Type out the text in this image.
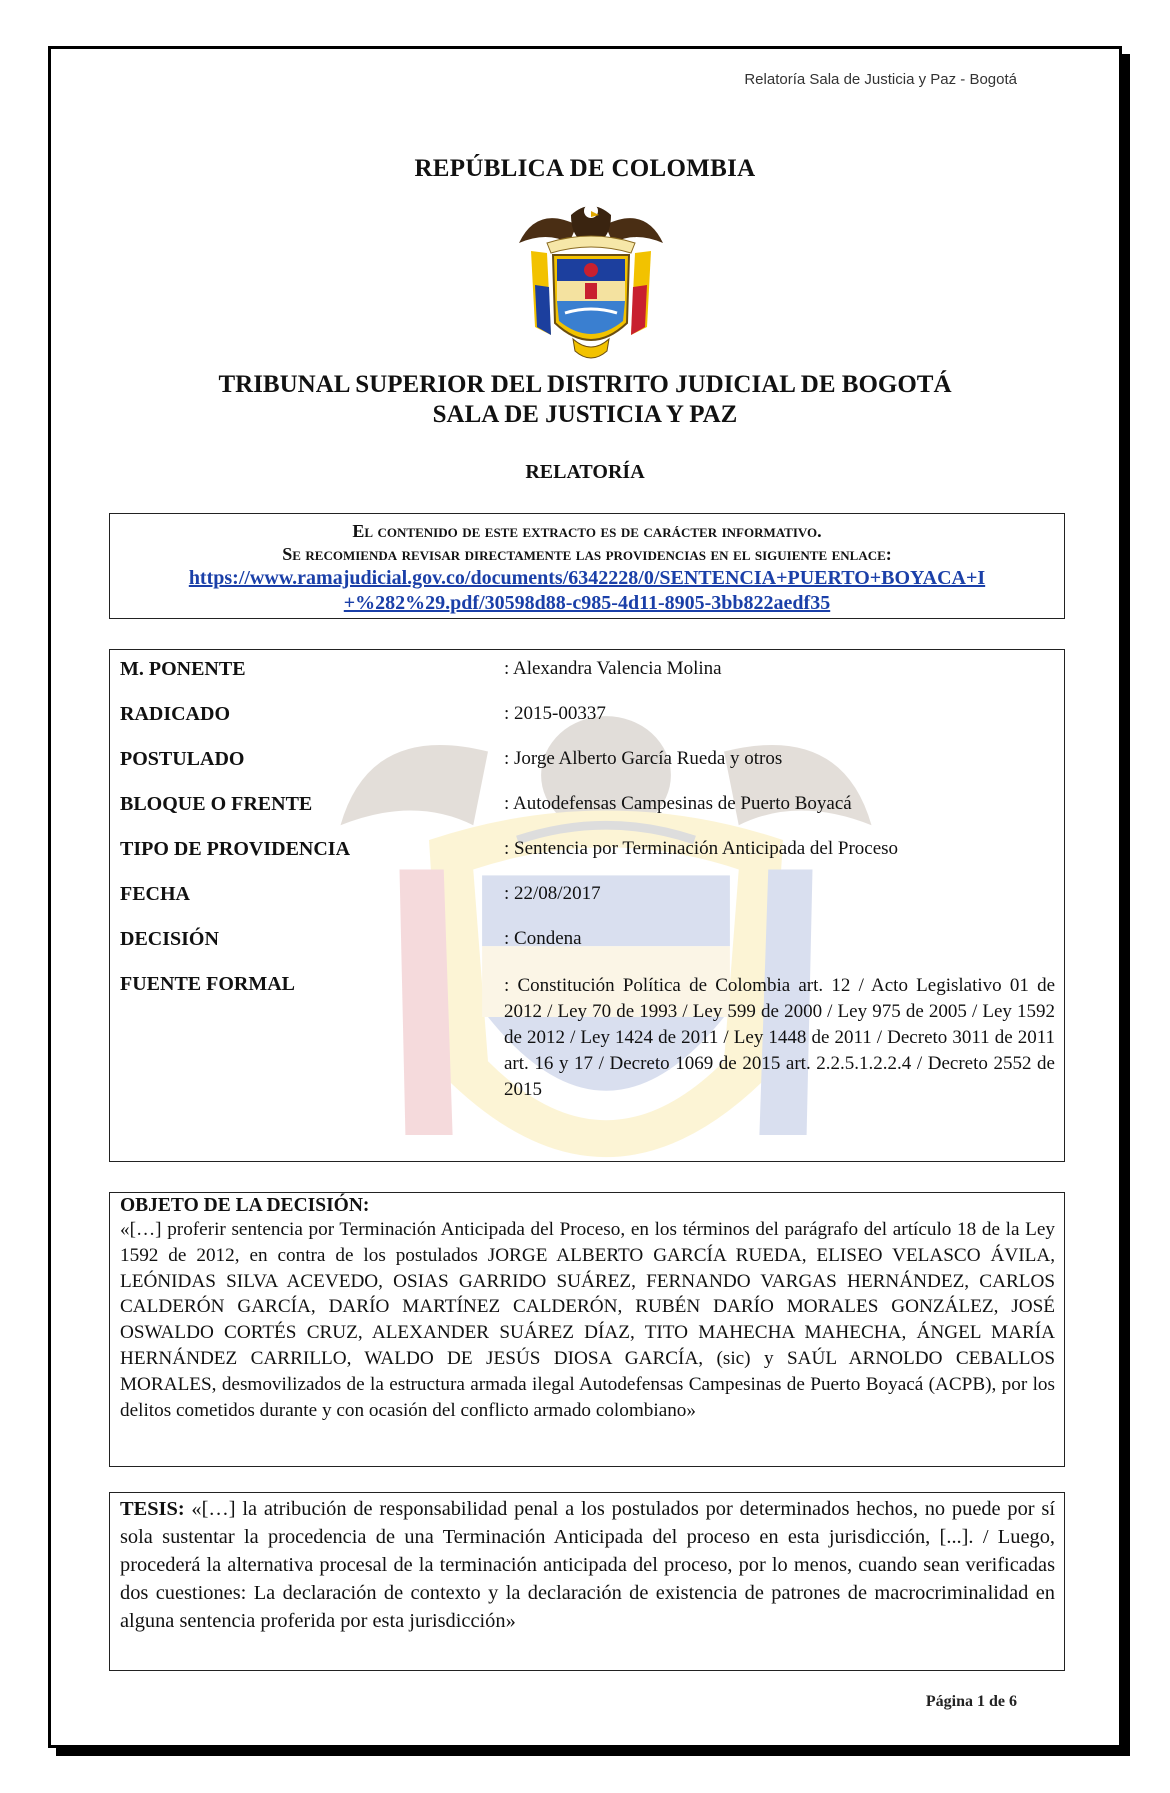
Relatoría Sala de Justicia y Paz - Bogotá
REPÚBLICA DE COLOMBIA
TRIBUNAL SUPERIOR DEL DISTRITO JUDICIAL DE BOGOTÁ
SALA DE JUSTICIA Y PAZ
RELATORÍA
El contenido de este extracto es de carácter informativo.
Se recomienda revisar directamente las providencias en el siguiente enlace:
https://www.ramajudicial.gov.co/documents/6342228/0/SENTENCIA+PUERTO+BOYACA+I
+%282%29.pdf/30598d88-c985-4d11-8905-3bb822aedf35
M. PONENTE	: Alexandra Valencia Molina
RADICADO	: 2015-00337
POSTULADO	: Jorge Alberto García Rueda y otros
BLOQUE O FRENTE	: Autodefensas Campesinas de Puerto Boyacá
TIPO DE PROVIDENCIA	: Sentencia por Terminación Anticipada del Proceso
FECHA	: 22/08/2017
DECISIÓN	: Condena
FUENTE FORMAL	: Constitución Política de Colombia art. 12 / Acto Legislativo 01 de 2012 / Ley 70 de 1993 / Ley 599 de 2000 / Ley 975 de 2005 / Ley 1592 de 2012 / Ley 1424 de 2011 / Ley 1448 de 2011 / Decreto 3011 de 2011 art. 16 y 17 / Decreto 1069 de 2015 art. 2.2.5.1.2.2.4 / Decreto 2552 de 2015
OBJETO DE LA DECISIÓN:
«[…] proferir sentencia por Terminación Anticipada del Proceso, en los términos del parágrafo del artículo 18 de la Ley 1592 de 2012, en contra de los postulados JORGE ALBERTO GARCÍA RUEDA, ELISEO VELASCO ÁVILA, LEÓNIDAS SILVA ACEVEDO, OSIAS GARRIDO SUÁREZ, FERNANDO VARGAS HERNÁNDEZ, CARLOS CALDERÓN GARCÍA, DARÍO MARTÍNEZ CALDERÓN, RUBÉN DARÍO MORALES GONZÁLEZ, JOSÉ OSWALDO CORTÉS CRUZ, ALEXANDER SUÁREZ DÍAZ, TITO MAHECHA MAHECHA, ÁNGEL MARÍA HERNÁNDEZ CARRILLO, WALDO DE JESÚS DIOSA GARCÍA, (sic) y SAÚL ARNOLDO CEBALLOS MORALES, desmovilizados de la estructura armada ilegal Autodefensas Campesinas de Puerto Boyacá (ACPB), por los delitos cometidos durante y con ocasión del conflicto armado colombiano»
TESIS: «[…] la atribución de responsabilidad penal a los postulados por determinados hechos, no puede por sí sola sustentar la procedencia de una Terminación Anticipada del proceso en esta jurisdicción, [...]. / Luego, procederá la alternativa procesal de la terminación anticipada del proceso, por lo menos, cuando sean verificadas dos cuestiones: La declaración de contexto y la declaración de existencia de patrones de macrocriminalidad en alguna sentencia proferida por esta jurisdicción»
Página 1 de 6
